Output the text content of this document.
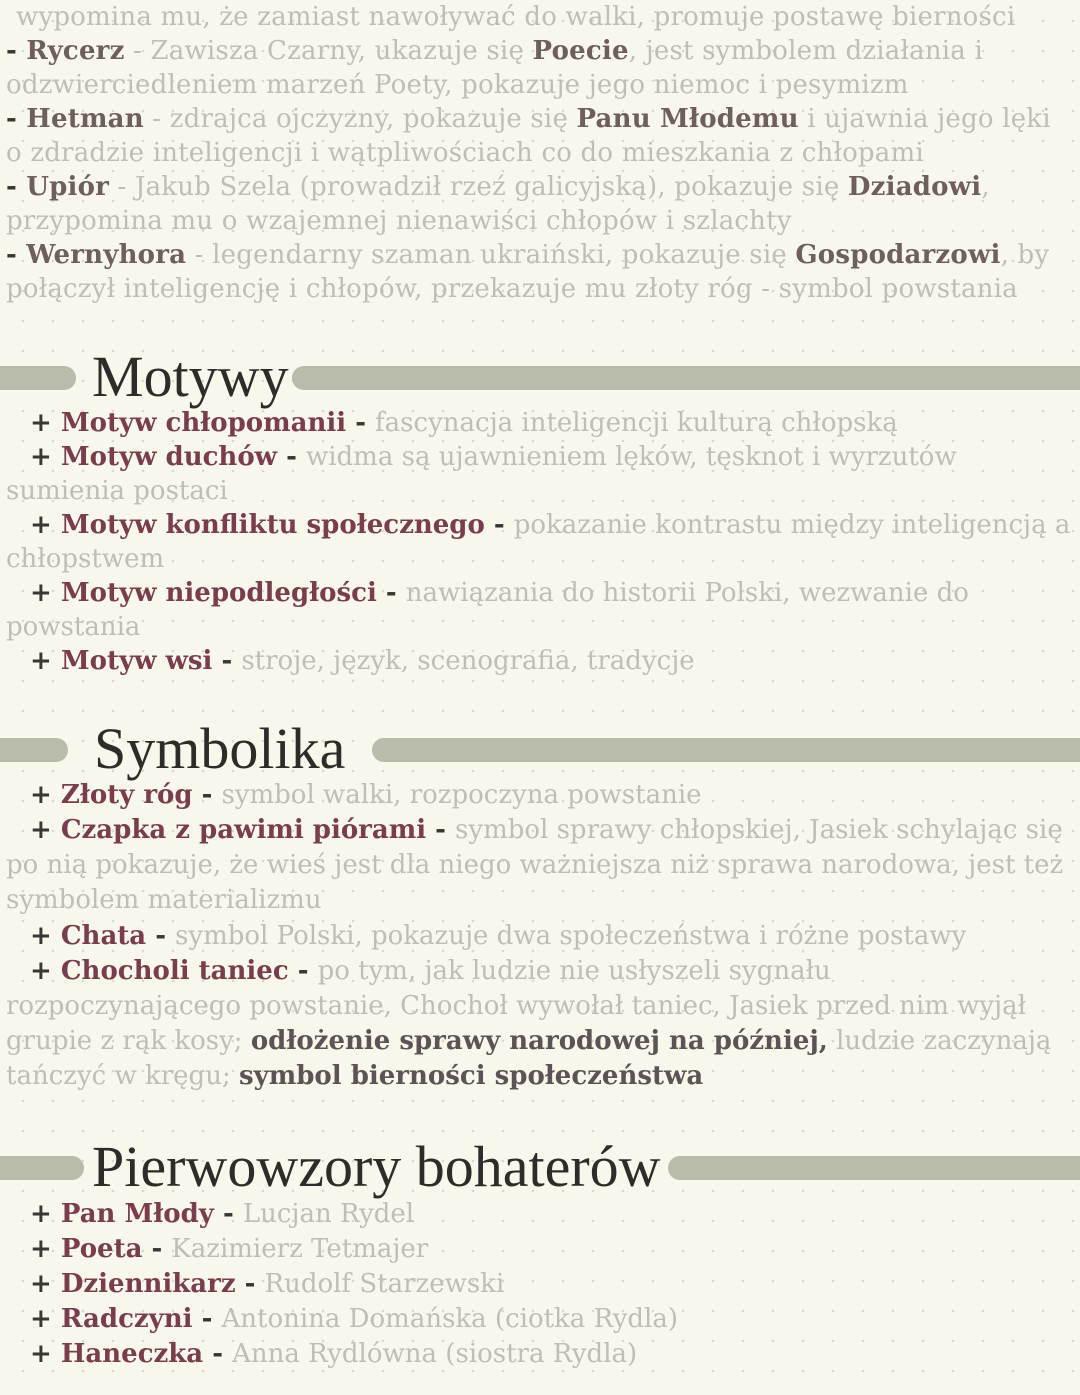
wypomina mu, że zamiast nawoływać do walki, promuje postawę bierności
- Rycerz - Zawisza Czarny, ukazuje się Poecie, jest symbolem działania i odzwierciedleniem marzeń Poety, pokazuje jego niemoc i pesymizm
- Hetman - zdrajca ojczyzny, pokazuje się Panu Młodemu i ujawnia jego lęki o zdradzie inteligencji i wątpliwościach co do mieszkania z chłopami
- Upiór - Jakub Szela (prowadził rzeź galicyjską), pokazuje się Dziadowi, przypomina mu o wzajemnej nienawiści chłopów i szlachty
- Wernyhora - legendarny szaman ukraiński, pokazuje się Gospodarzowi, by połączył inteligencję i chłopów, przekazuje mu złoty róg - symbol powstania
Motywy
+ Motyw chłopomanii - fascynacja inteligencji kulturą chłopską
+ Motyw duchów - widma są ujawnieniem lęków, tęsknot i wyrzutów sumienia postaci
+ Motyw konfliktu społecznego - pokazanie kontrastu między inteligencją a chłopstwem
+ Motyw niepodległości - nawiązania do historii Polski, wezwanie do powstania
+ Motyw wsi - stroje, język, scenografia, tradycje
Symbolika
+ Złoty róg - symbol walki, rozpoczyna powstanie
+ Czapka z pawimi piórami - symbol sprawy chłopskiej, Jasiek schylając się po nią pokazuje, że wieś jest dla niego ważniejsza niż sprawa narodowa, jest też symbolem materializmu
+ Chata - symbol Polski, pokazuje dwa społeczeństwa i różne postawy
+ Chocholi taniec - po tym, jak ludzie nie usłyszeli sygnału rozpoczynającego powstanie, Chochoł wywołał taniec, Jasiek przed nim wyjął grupie z rąk kosy; odłożenie sprawy narodowej na później, ludzie zaczynają tańczyć w kręgu; symbol bierności społeczeństwa
Pierwowzory bohaterów
+ Pan Młody - Lucjan Rydel
+ Poeta - Kazimierz Tetmajer
+ Dziennikarz - Rudolf Starzewski
+ Radczyni - Antonina Domańska (ciotka Rydla)
+ Haneczka - Anna Rydlówna (siostra Rydla)
